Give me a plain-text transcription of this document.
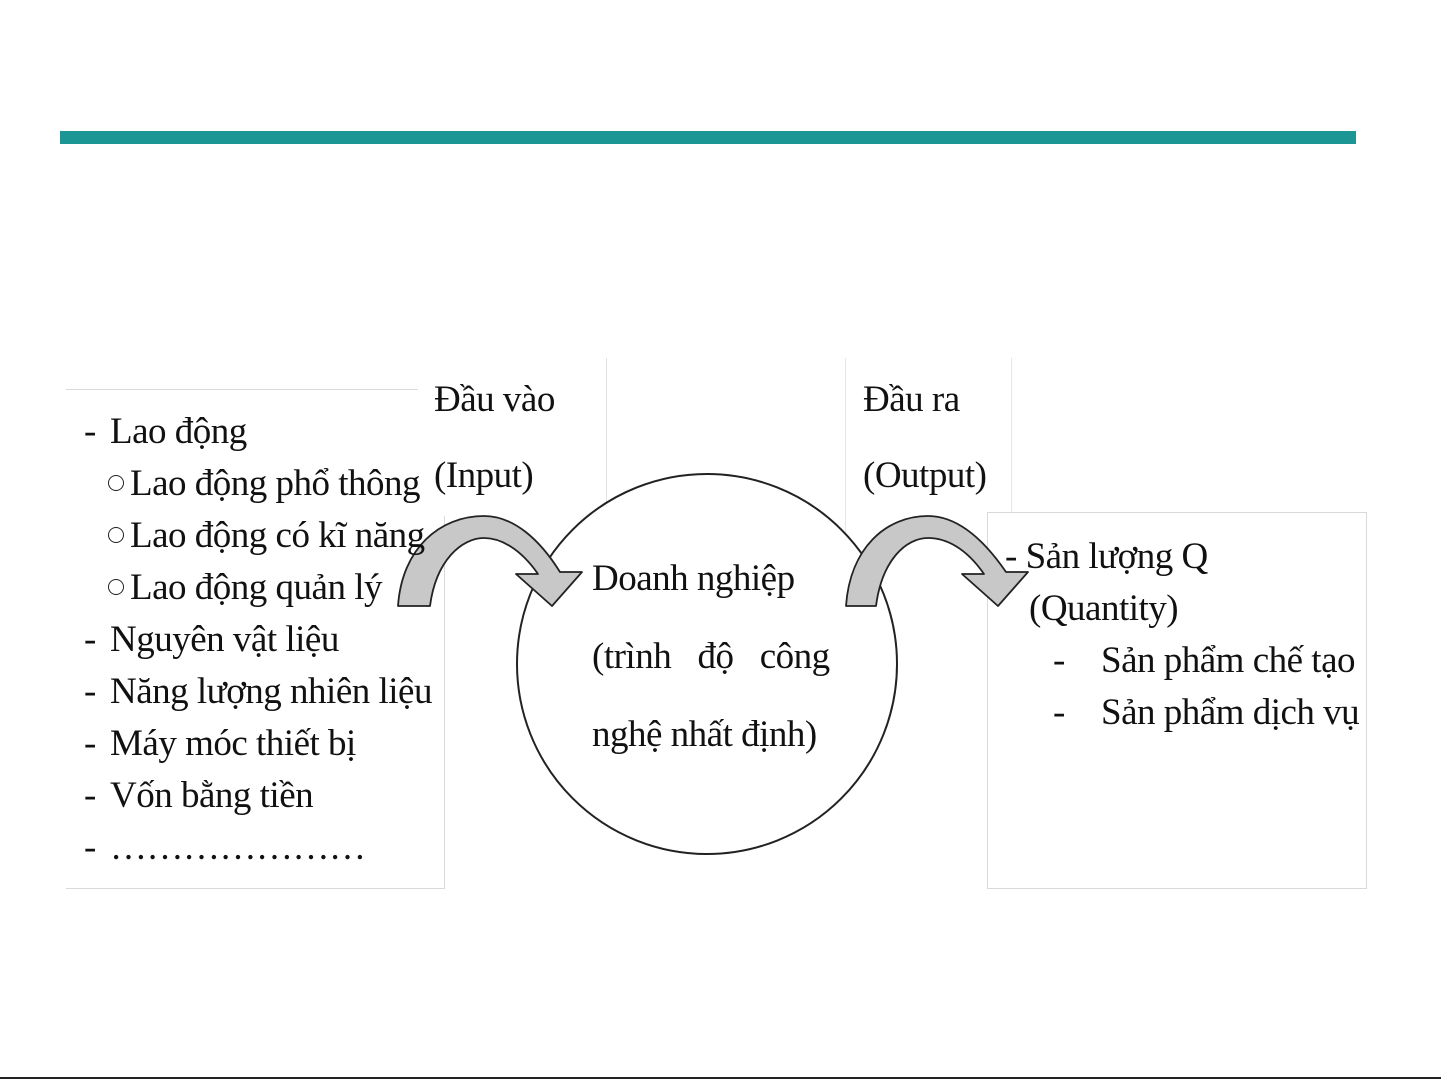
Đầu vào
(Input)
Đầu ra
(Output)
Doanh nghiệp
(trình   độ   công
nghệ nhất định)
- Lao động
Lao động phổ thông
Lao động có kĩ năng
Lao động quản lý
- Nguyên vật liệu
- Năng lượng nhiên liệu
- Máy móc thiết bị
- Vốn bằng tiền
- …………………
- Sản lượng Q
(Quantity)
- Sản phẩm chế tạo
- Sản phẩm dịch vụ
